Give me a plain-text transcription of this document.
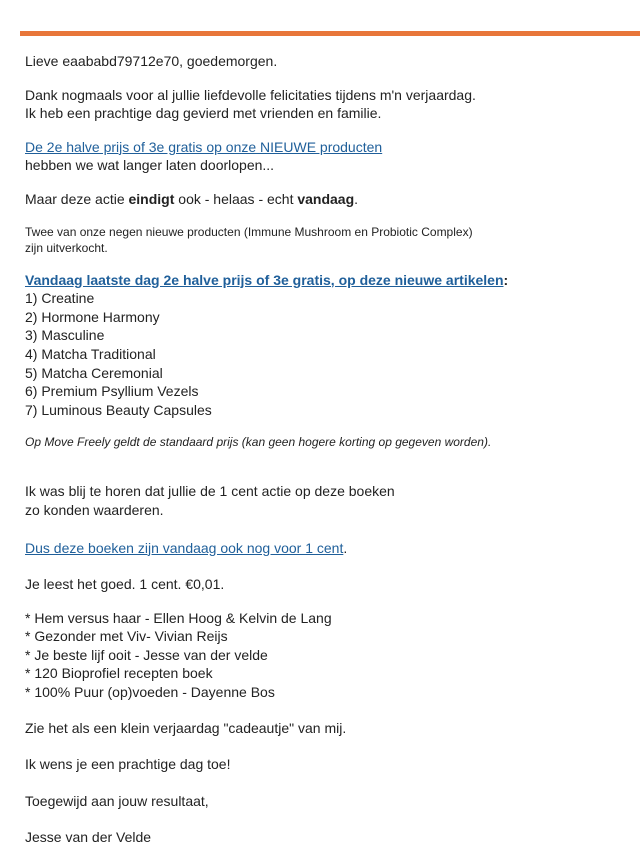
Lieve eaababd79712e70, goedemorgen.

Dank nogmaals voor al jullie liefdevolle felicitaties tijdens m'n verjaardag.

Ik heb een prachtige dag gevierd met vrienden en familie.

De 2e halve prijs of 3e gratis op onze NIEUWE producten

hebben we wat langer laten doorlopen...

Maar deze actie eindigt ook - helaas - echt vandaag.

Twee van onze negen nieuwe producten (Immune Mushroom en Probiotic Complex)

zijn uitverkocht.

Vandaag laatste dag 2e halve prijs of 3e gratis, op deze nieuwe artikelen:

1) Creatine
2) Hormone Harmony
3) Masculine
4) Matcha Traditional
5) Matcha Ceremonial
6) Premium Psyllium Vezels
7) Luminous Beauty Capsules

Op Move Freely geldt de standaard prijs (kan geen hogere korting op gegeven worden).

Ik was blij te horen dat jullie de 1 cent actie op deze boeken

zo konden waarderen.

Dus deze boeken zijn vandaag ook nog voor 1 cent.

Je leest het goed. 1 cent. €0,01.

* Hem versus haar - Ellen Hoog & Kelvin de Lang
* Gezonder met Viv- Vivian Reijs
* Je beste lijf ooit - Jesse van der velde
* 120 Bioprofiel recepten boek
* 100% Puur (op)voeden - Dayenne Bos

Zie het als een klein verjaardag "cadeautje" van mij.

Ik wens je een prachtige dag toe!

Toegewijd aan jouw resultaat,

Jesse van der Velde
